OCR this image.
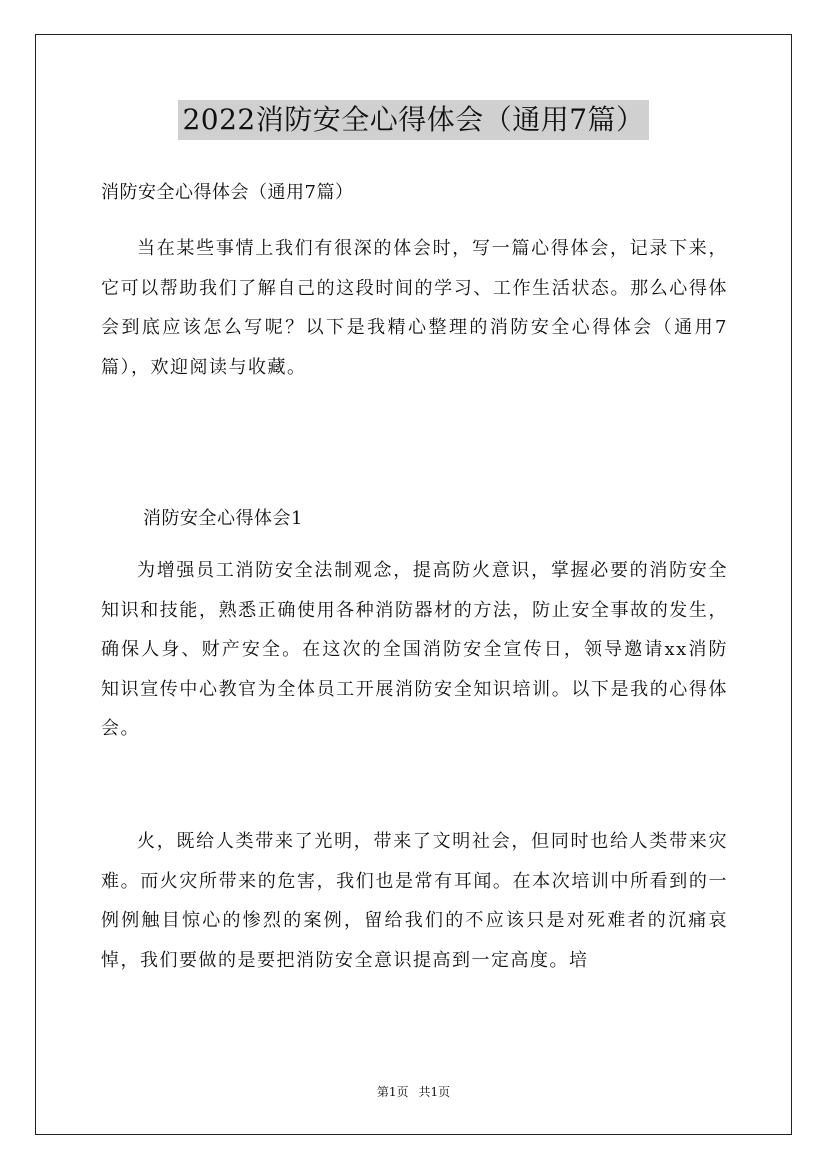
2022消防安全心得体会（通用7篇）
消防安全心得体会（通用7篇）

当在某些事情上我们有很深的体会时，写一篇心得体会，记录下来，它可以帮助我们了解自己的这段时间的学习、工作生活状态。那么心得体会到底应该怎么写呢？以下是我精心整理的消防安全心得体会（通用7篇），欢迎阅读与收藏。

消防安全心得体会1

为增强员工消防安全法制观念，提高防火意识，掌握必要的消防安全知识和技能，熟悉正确使用各种消防器材的方法，防止安全事故的发生，确保人身、财产安全。在这次的全国消防安全宣传日，领导邀请xx消防知识宣传中心教官为全体员工开展消防安全知识培训。以下是我的心得体会。

火，既给人类带来了光明，带来了文明社会，但同时也给人类带来灾难。而火灾所带来的危害，我们也是常有耳闻。在本次培训中所看到的一例例触目惊心的惨烈的案例，留给我们的不应该只是对死难者的沉痛哀悼，我们要做的是要把消防安全意识提高到一定高度。培

第1页 共1页
